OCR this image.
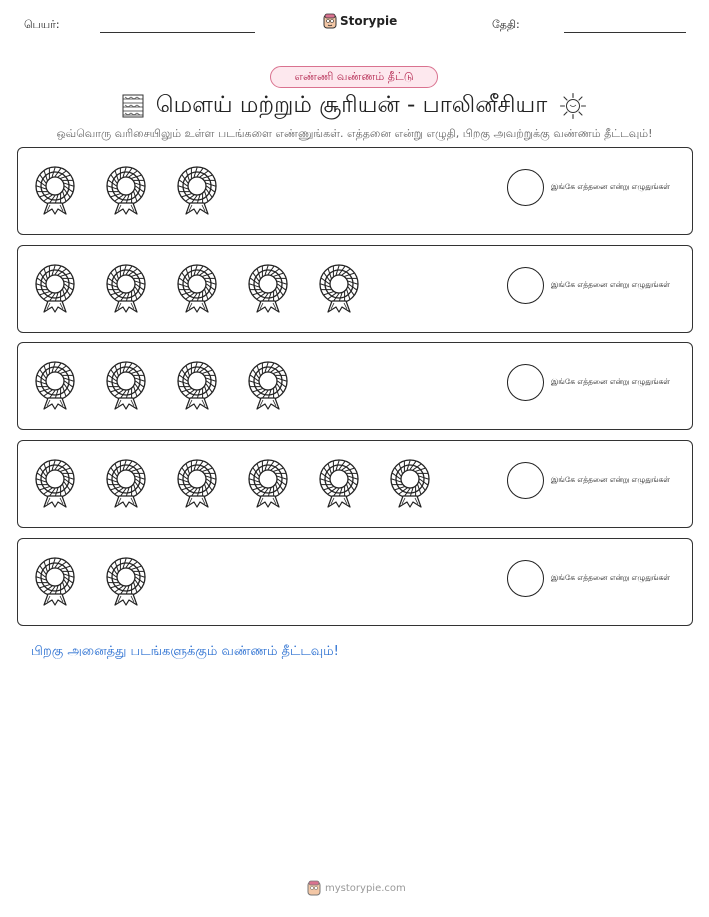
பெயர்:	Storypie	தேதி:
எண்ணி வண்ணம் தீட்டு
மௌய் மற்றும் சூரியன் - பாலினீசியா
ஒவ்வொரு வரிசையிலும் உள்ள படங்களை எண்ணுங்கள். எத்தனை என்று எழுதி, பிறகு அவற்றுக்கு வண்ணம் தீட்டவும்!
இங்கே எத்தனை என்று எழுதுங்கள்
இங்கே எத்தனை என்று எழுதுங்கள்
இங்கே எத்தனை என்று எழுதுங்கள்
இங்கே எத்தனை என்று எழுதுங்கள்
இங்கே எத்தனை என்று எழுதுங்கள்
பிறகு அனைத்து படங்களுக்கும் வண்ணம் தீட்டவும்!
mystorypie.com
